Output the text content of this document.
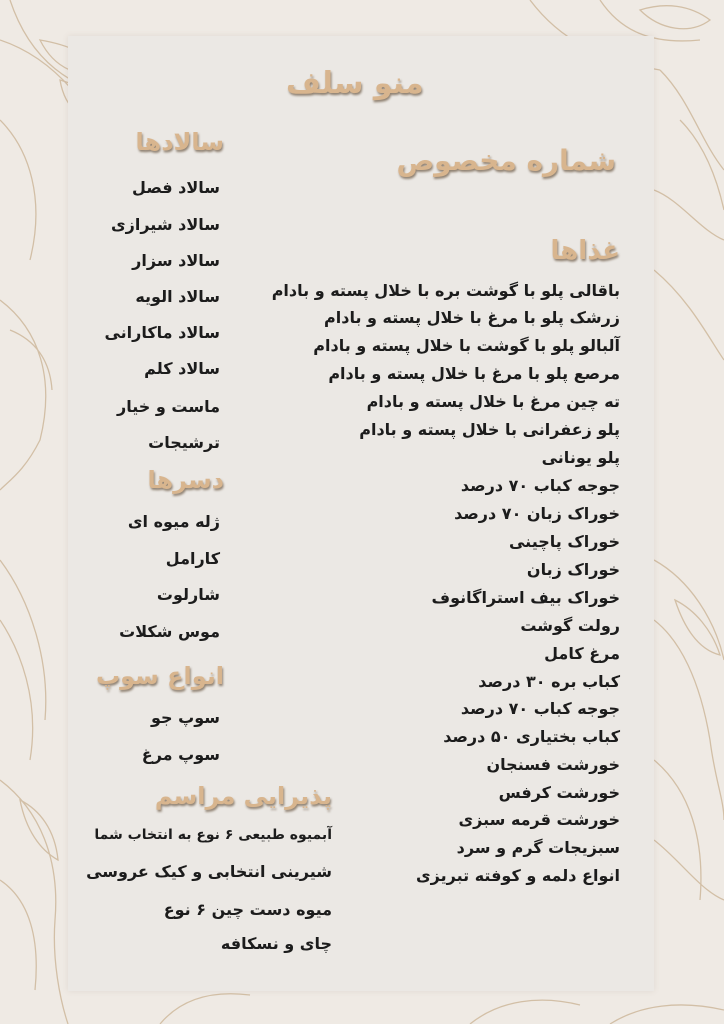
منو سلف
شماره مخصوص
غذاها
باقالی پلو با گوشت بره با خلال پسته و بادام
زرشک پلو با مرغ با خلال پسته و بادام
آلبالو پلو با گوشت با خلال پسته و بادام
مرصع پلو با مرغ با خلال پسته و بادام
ته چین مرغ با خلال پسته و بادام
پلو زعفرانی با خلال پسته و بادام
پلو یونانی
جوجه کباب ۷۰ درصد
خوراک زبان ۷۰ درصد
خوراک پاچینی
خوراک زبان
خوراک بیف استراگانوف
رولت گوشت
مرغ کامل
کباب بره ۳۰ درصد
جوجه کباب ۷۰ درصد
کباب بختیاری ۵۰ درصد
خورشت فسنجان
خورشت کرفس
خورشت قرمه سبزی
سبزیجات گرم و سرد
انواع دلمه و کوفته تبریزی
سالادها
سالاد فصل
سالاد شیرازی
سالاد سزار
سالاد الویه
سالاد ماکارانی
سالاد کلم
ماست و خیار
ترشیجات
دسرها
ژله میوه ای
کارامل
شارلوت
موس شکلات
انواع سوپ
سوپ جو
سوپ مرغ
پذیرایی مراسم
آبمیوه طبیعی ۶ نوع به انتخاب شما
شیرینی انتخابی و کیک عروسی
میوه دست چین ۶ نوع
چای و نسکافه
